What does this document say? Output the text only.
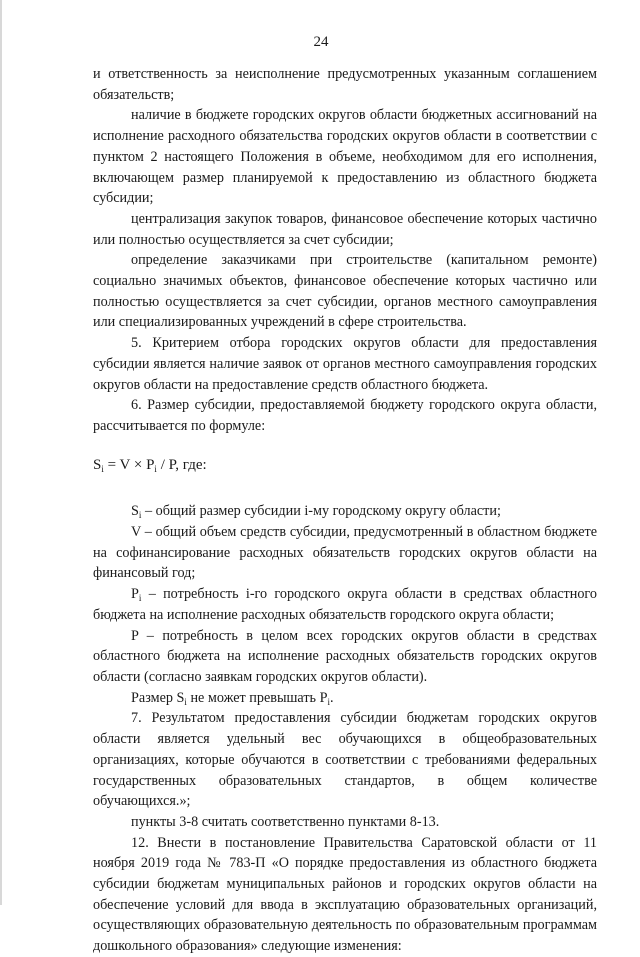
24

и ответственность за неисполнение предусмотренных указанным соглашением обязательств;

наличие в бюджете городских округов области бюджетных ассигнований на исполнение расходного обязательства городских округов области в соответствии с пунктом 2 настоящего Положения в объеме, необходимом для его исполнения, включающем размер планируемой к предоставлению из областного бюджета субсидии;

централизация закупок товаров, финансовое обеспечение которых частично или полностью осуществляется за счет субсидии;

определение заказчиками при строительстве (капитальном ремонте) социально значимых объектов, финансовое обеспечение которых частично или полностью осуществляется за счет субсидии, органов местного самоуправления или специализированных учреждений в сфере строительства.

5. Критерием отбора городских округов области для предоставления субсидии является наличие заявок от органов местного самоуправления городских округов области на предоставление средств областного бюджета.

6. Размер субсидии, предоставляемой бюджету городского округа области, рассчитывается по формуле:

$S_i = V \times P_i / P$, где:

$S_i$ – общий размер субсидии i-му городскому округу области;

V – общий объем средств субсидии, предусмотренный в областном бюджете на софинансирование расходных обязательств городских округов области на финансовый год;

$P_i$ – потребность i-го городского округа области в средствах областного бюджета на исполнение расходных обязательств городского округа области;

P – потребность в целом всех городских округов области в средствах областного бюджета на исполнение расходных обязательств городских округов области (согласно заявкам городских округов области).

Размер $S_i$ не может превышать $P_i$.

7. Результатом предоставления субсидии бюджетам городских округов области является удельный вес обучающихся в общеобразовательных организациях, которые обучаются в соответствии с требованиями федеральных государственных образовательных стандартов, в общем количестве обучающихся.»;

пункты 3-8 считать соответственно пунктами 8-13.

12. Внести в постановление Правительства Саратовской области от 11 ноября 2019 года № 783-П «О порядке предоставления из областного бюджета субсидии бюджетам муниципальных районов и городских округов области на обеспечение условий для ввода в эксплуатацию образовательных организаций, осуществляющих образовательную деятельность по образовательным программам дошкольного образования» следующие изменения:
